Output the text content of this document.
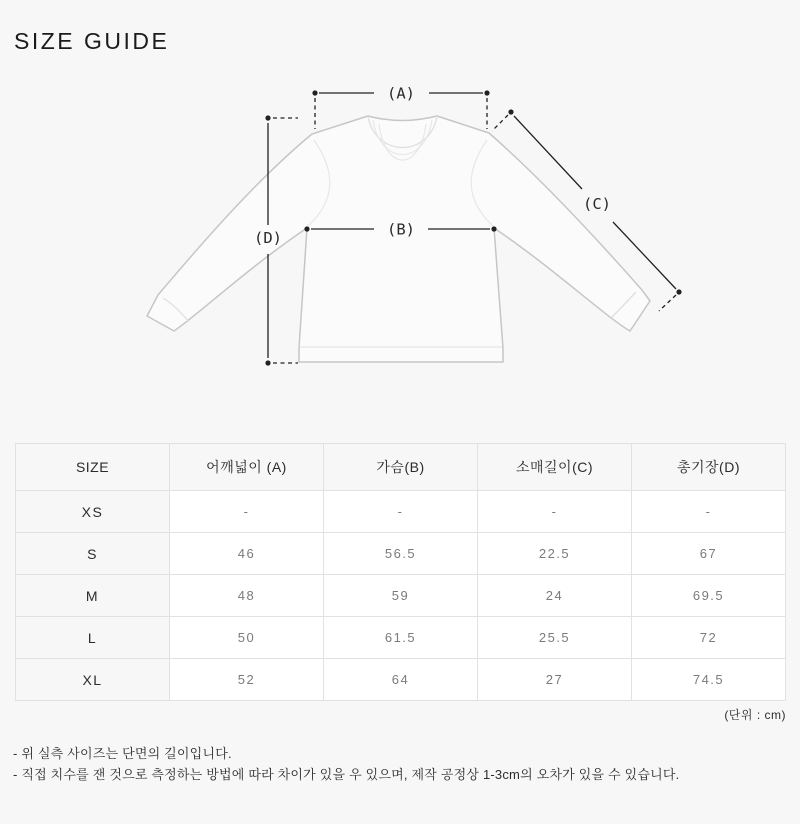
SIZE GUIDE
(A)
(B)
(C)
(D)
SIZE	어깨넓이 (A)	가슴(B)	소매길이(C)	총기장(D)
XS	-	-	-	-
S	46	56.5	22.5	67
M	48	59	24	69.5
L	50	61.5	25.5	72
XL	52	64	27	74.5
(단위 : cm)
- 위 실측 사이즈는 단면의 길이입니다.
- 직접 치수를 잰 것으로 측정하는 방법에 따라 차이가 있을 우 있으며, 제작 공정상 1-3cm의 오차가 있을 수 있습니다.
